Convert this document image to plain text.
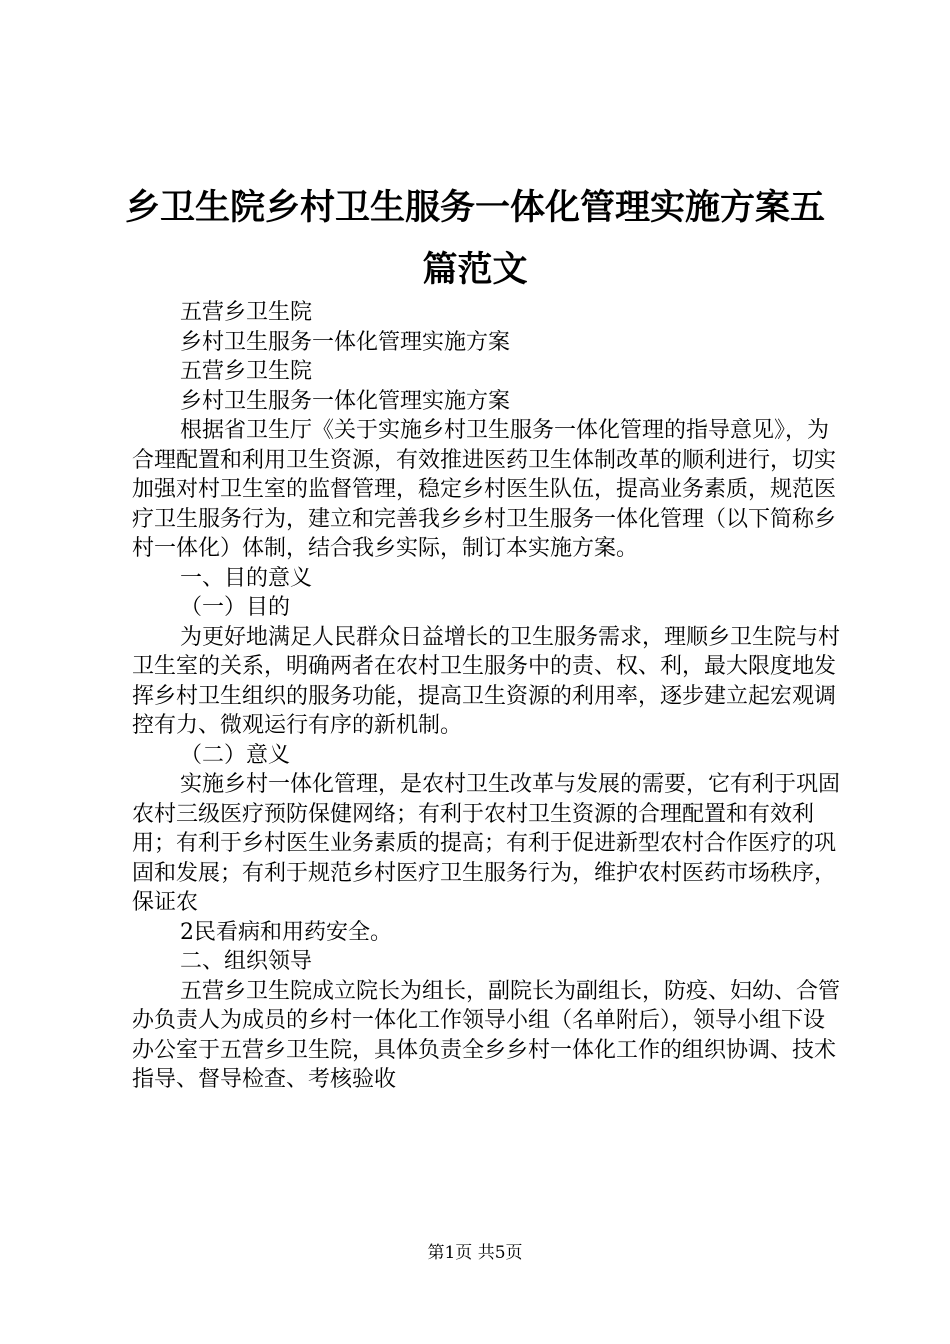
乡卫生院乡村卫生服务一体化管理实施方案五
篇范文

五营乡卫生院

乡村卫生服务一体化管理实施方案

五营乡卫生院

乡村卫生服务一体化管理实施方案

根据省卫生厅《关于实施乡村卫生服务一体化管理的指导意见》，为合理配置和利用卫生资源，有效推进医药卫生体制改革的顺利进行，切实加强对村卫生室的监督管理，稳定乡村医生队伍，提高业务素质，规范医疗卫生服务行为，建立和完善我乡乡村卫生服务一体化管理（以下简称乡村一体化）体制，结合我乡实际，制订本实施方案。

一、目的意义

（一）目的

为更好地满足人民群众日益增长的卫生服务需求，理顺乡卫生院与村卫生室的关系，明确两者在农村卫生服务中的责、权、利，最大限度地发挥乡村卫生组织的服务功能，提高卫生资源的利用率，逐步建立起宏观调控有力、微观运行有序的新机制。

（二）意义

实施乡村一体化管理，是农村卫生改革与发展的需要，它有利于巩固农村三级医疗预防保健网络；有利于农村卫生资源的合理配置和有效利用；有利于乡村医生业务素质的提高；有利于促进新型农村合作医疗的巩固和发展；有利于规范乡村医疗卫生服务行为，维护农村医药市场秩序，保证农

2民看病和用药安全。

二、组织领导

五营乡卫生院成立院长为组长，副院长为副组长，防疫、妇幼、合管办负责人为成员的乡村一体化工作领导小组（名单附后），领导小组下设办公室于五营乡卫生院，具体负责全乡乡村一体化工作的组织协调、技术指导、督导检查、考核验收

第1页 共5页
